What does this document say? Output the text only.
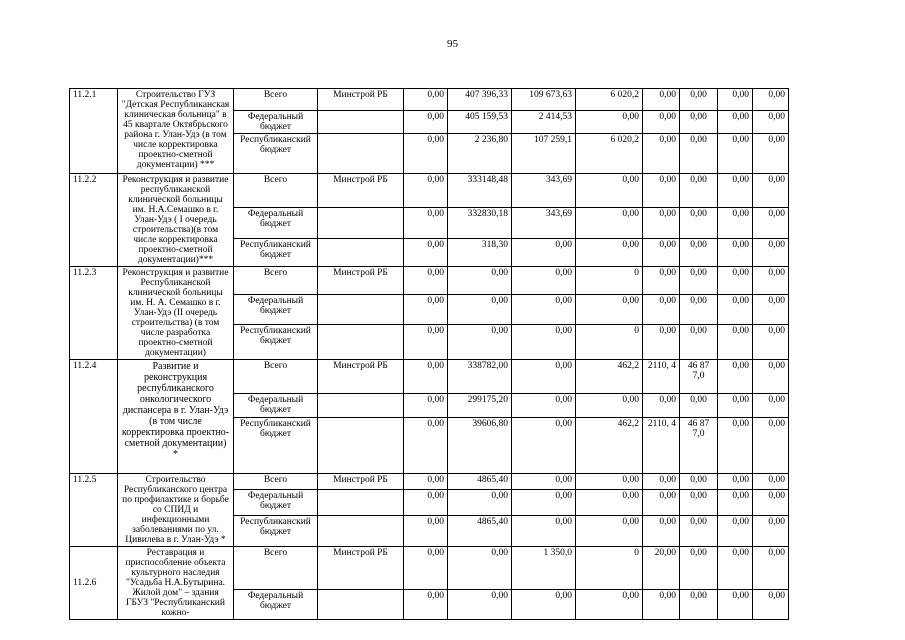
95
11.2.1	Строительство ГУЗ "Детская Республиканская клиническая больница" в 45 квартале Октябрьского района г. Улан-Удэ (в том числе корректировка проектно-сметной документации) ***	Всего	Минстрой РБ	0,00	407 396,33	109 673,63	6 020,2	0,00	0,00	0,00	0,00
		Федеральный бюджет		0,00	405 159,53	2 414,53	0,00	0,00	0,00	0,00	0,00
		Республиканский бюджет		0,00	2 236,80	107 259,1	6 020,2	0,00	0,00	0,00	0,00
11.2.2	Реконструкция и развитие республиканской клинической больницы им. Н.А.Семашко в г. Улан-Удэ ( I очередь строительства)(в том числе корректировка проектно-сметной документации)***	Всего	Минстрой РБ	0,00	333148,48	343,69	0,00	0,00	0,00	0,00	0,00
		Федеральный бюджет		0,00	332830,18	343,69	0,00	0,00	0,00	0,00	0,00
		Республиканский бюджет		0,00	318,30	0,00	0,00	0,00	0,00	0,00	0,00
11.2.3	Реконструкция и развитие Республиканской клинической больницы им. Н. А. Семашко в г. Улан-Удэ (II очередь строительства) (в том числе разработка проектно-сметной документации)	Всего	Минстрой РБ	0,00	0,00	0,00	0	0,00	0,00	0,00	0,00
		Федеральный бюджет		0,00	0,00	0,00	0,00	0,00	0,00	0,00	0,00
		Республиканский бюджет		0,00	0,00	0,00	0	0,00	0,00	0,00	0,00
11.2.4	Развитие и реконструкция республиканского онкологического диспансера в г. Улан-Удэ (в том числе корректировка проектно-сметной документации) *	Всего	Минстрой РБ	0,00	338782,00	0,00	462,2	2110, 4	46 87 7,0	0,00	0,00
		Федеральный бюджет		0,00	299175,20	0,00	0,00	0,00	0,00	0,00	0,00
		Республиканский бюджет		0,00	39606,80	0,00	462,2	2110, 4	46 87 7,0	0,00	0,00
11.2.5	Строительство Республиканского центра по профилактике и борьбе со СПИД и инфекционными заболеваниями по ул. Цивилева в г. Улан-Удэ *	Всего	Минстрой РБ	0,00	4865,40	0,00	0,00	0,00	0,00	0,00	0,00
		Федеральный бюджет		0,00	0,00	0,00	0,00	0,00	0,00	0,00	0,00
		Республиканский бюджет		0,00	4865,40	0,00	0,00	0,00	0,00	0,00	0,00
11.2.6	Реставрация и приспособление объекта культурного наследия "Усадьба Н.А.Бутырина. Жилой дом" – здания ГБУЗ "Республиканский кожно-	Всего	Минстрой РБ	0,00	0,00	1 350,0	0	20,00	0,00	0,00	0,00
		Федеральный бюджет		0,00	0,00	0,00	0,00	0,00	0,00	0,00	0,00
